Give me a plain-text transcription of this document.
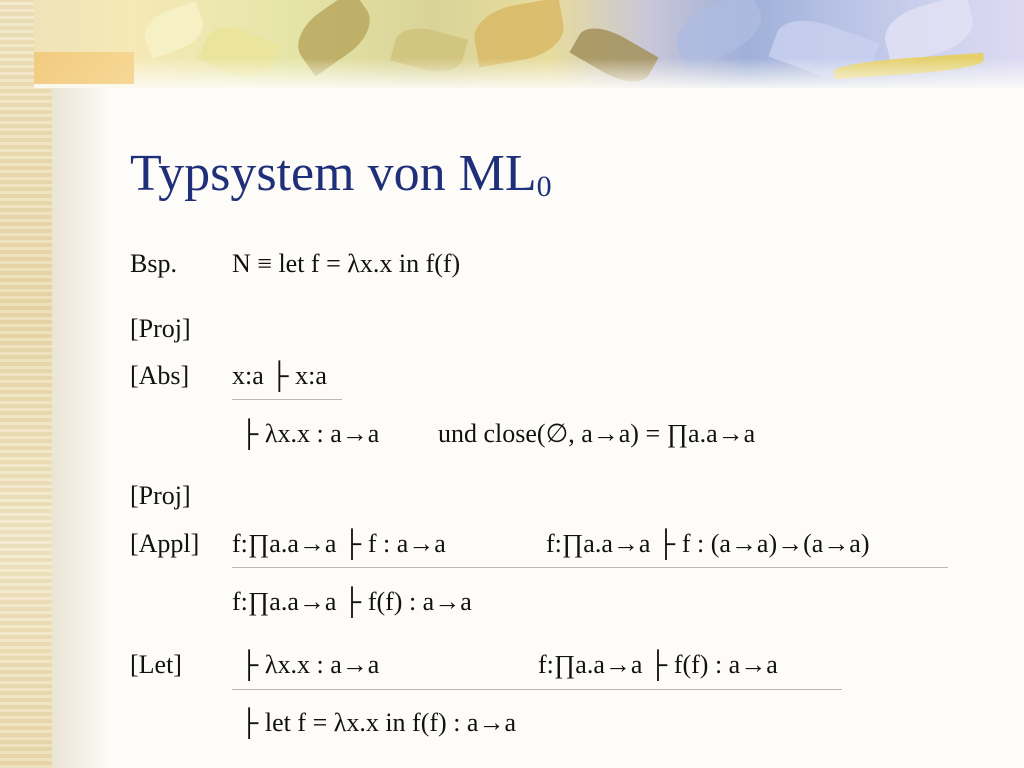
Typsystem von $ML_0$
Bsp. N ≡ let f = λx.x in f(f)
[Proj]
[Abs] x:a ├ x:a
├ λx.x : a→a und close(∅, a→a) = ∏a.a→a
[Proj]
[Appl] f:∏a.a→a ├ f : a→a	f:∏a.a→a ├ f : (a→a)→(a→a)
f:∏a.a→a ├ f(f) : a→a
[Let] ├ λx.x : a→a	f:∏a.a→a ├ f(f) : a→a
├ let f = λx.x in f(f) : a→a
